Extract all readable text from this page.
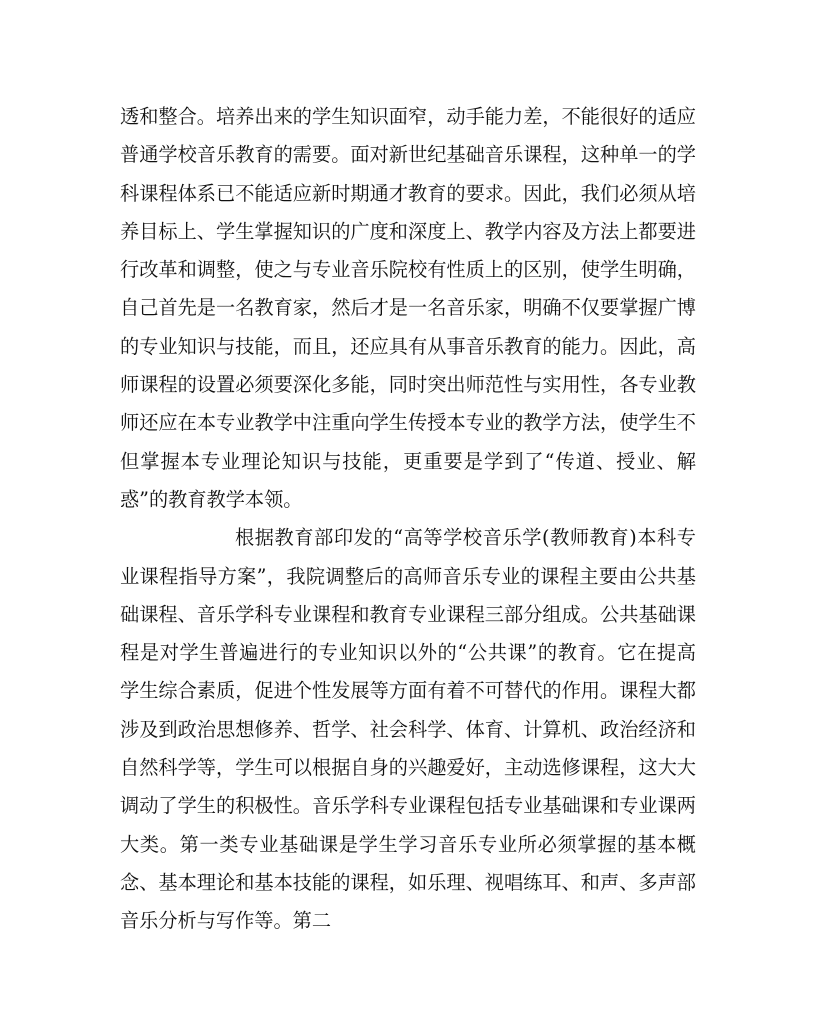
透和整合。培养出来的学生知识面窄，动手能力差，不能很好的适应普通学校音乐教育的需要。面对新世纪基础音乐课程，这种单一的学科课程体系已不能适应新时期通才教育的要求。因此，我们必须从培养目标上、学生掌握知识的广度和深度上、教学内容及方法上都要进行改革和调整，使之与专业音乐院校有性质上的区别，使学生明确，自己首先是一名教育家，然后才是一名音乐家，明确不仅要掌握广博的专业知识与技能，而且，还应具有从事音乐教育的能力。因此，高师课程的设置必须要深化多能，同时突出师范性与实用性，各专业教师还应在本专业教学中注重向学生传授本专业的教学方法，使学生不但掌握本专业理论知识与技能，更重要是学到了“传道、授业、解惑”的教育教学本领。

根据教育部印发的“高等学校音乐学(教师教育)本科专业课程指导方案”，我院调整后的高师音乐专业的课程主要由公共基础课程、音乐学科专业课程和教育专业课程三部分组成。公共基础课程是对学生普遍进行的专业知识以外的“公共课”的教育。它在提高学生综合素质，促进个性发展等方面有着不可替代的作用。课程大都涉及到政治思想修养、哲学、社会科学、体育、计算机、政治经济和自然科学等，学生可以根据自身的兴趣爱好，主动选修课程，这大大调动了学生的积极性。音乐学科专业课程包括专业基础课和专业课两大类。第一类专业基础课是学生学习音乐专业所必须掌握的基本概念、基本理论和基本技能的课程，如乐理、视唱练耳、和声、多声部音乐分析与写作等。第二
